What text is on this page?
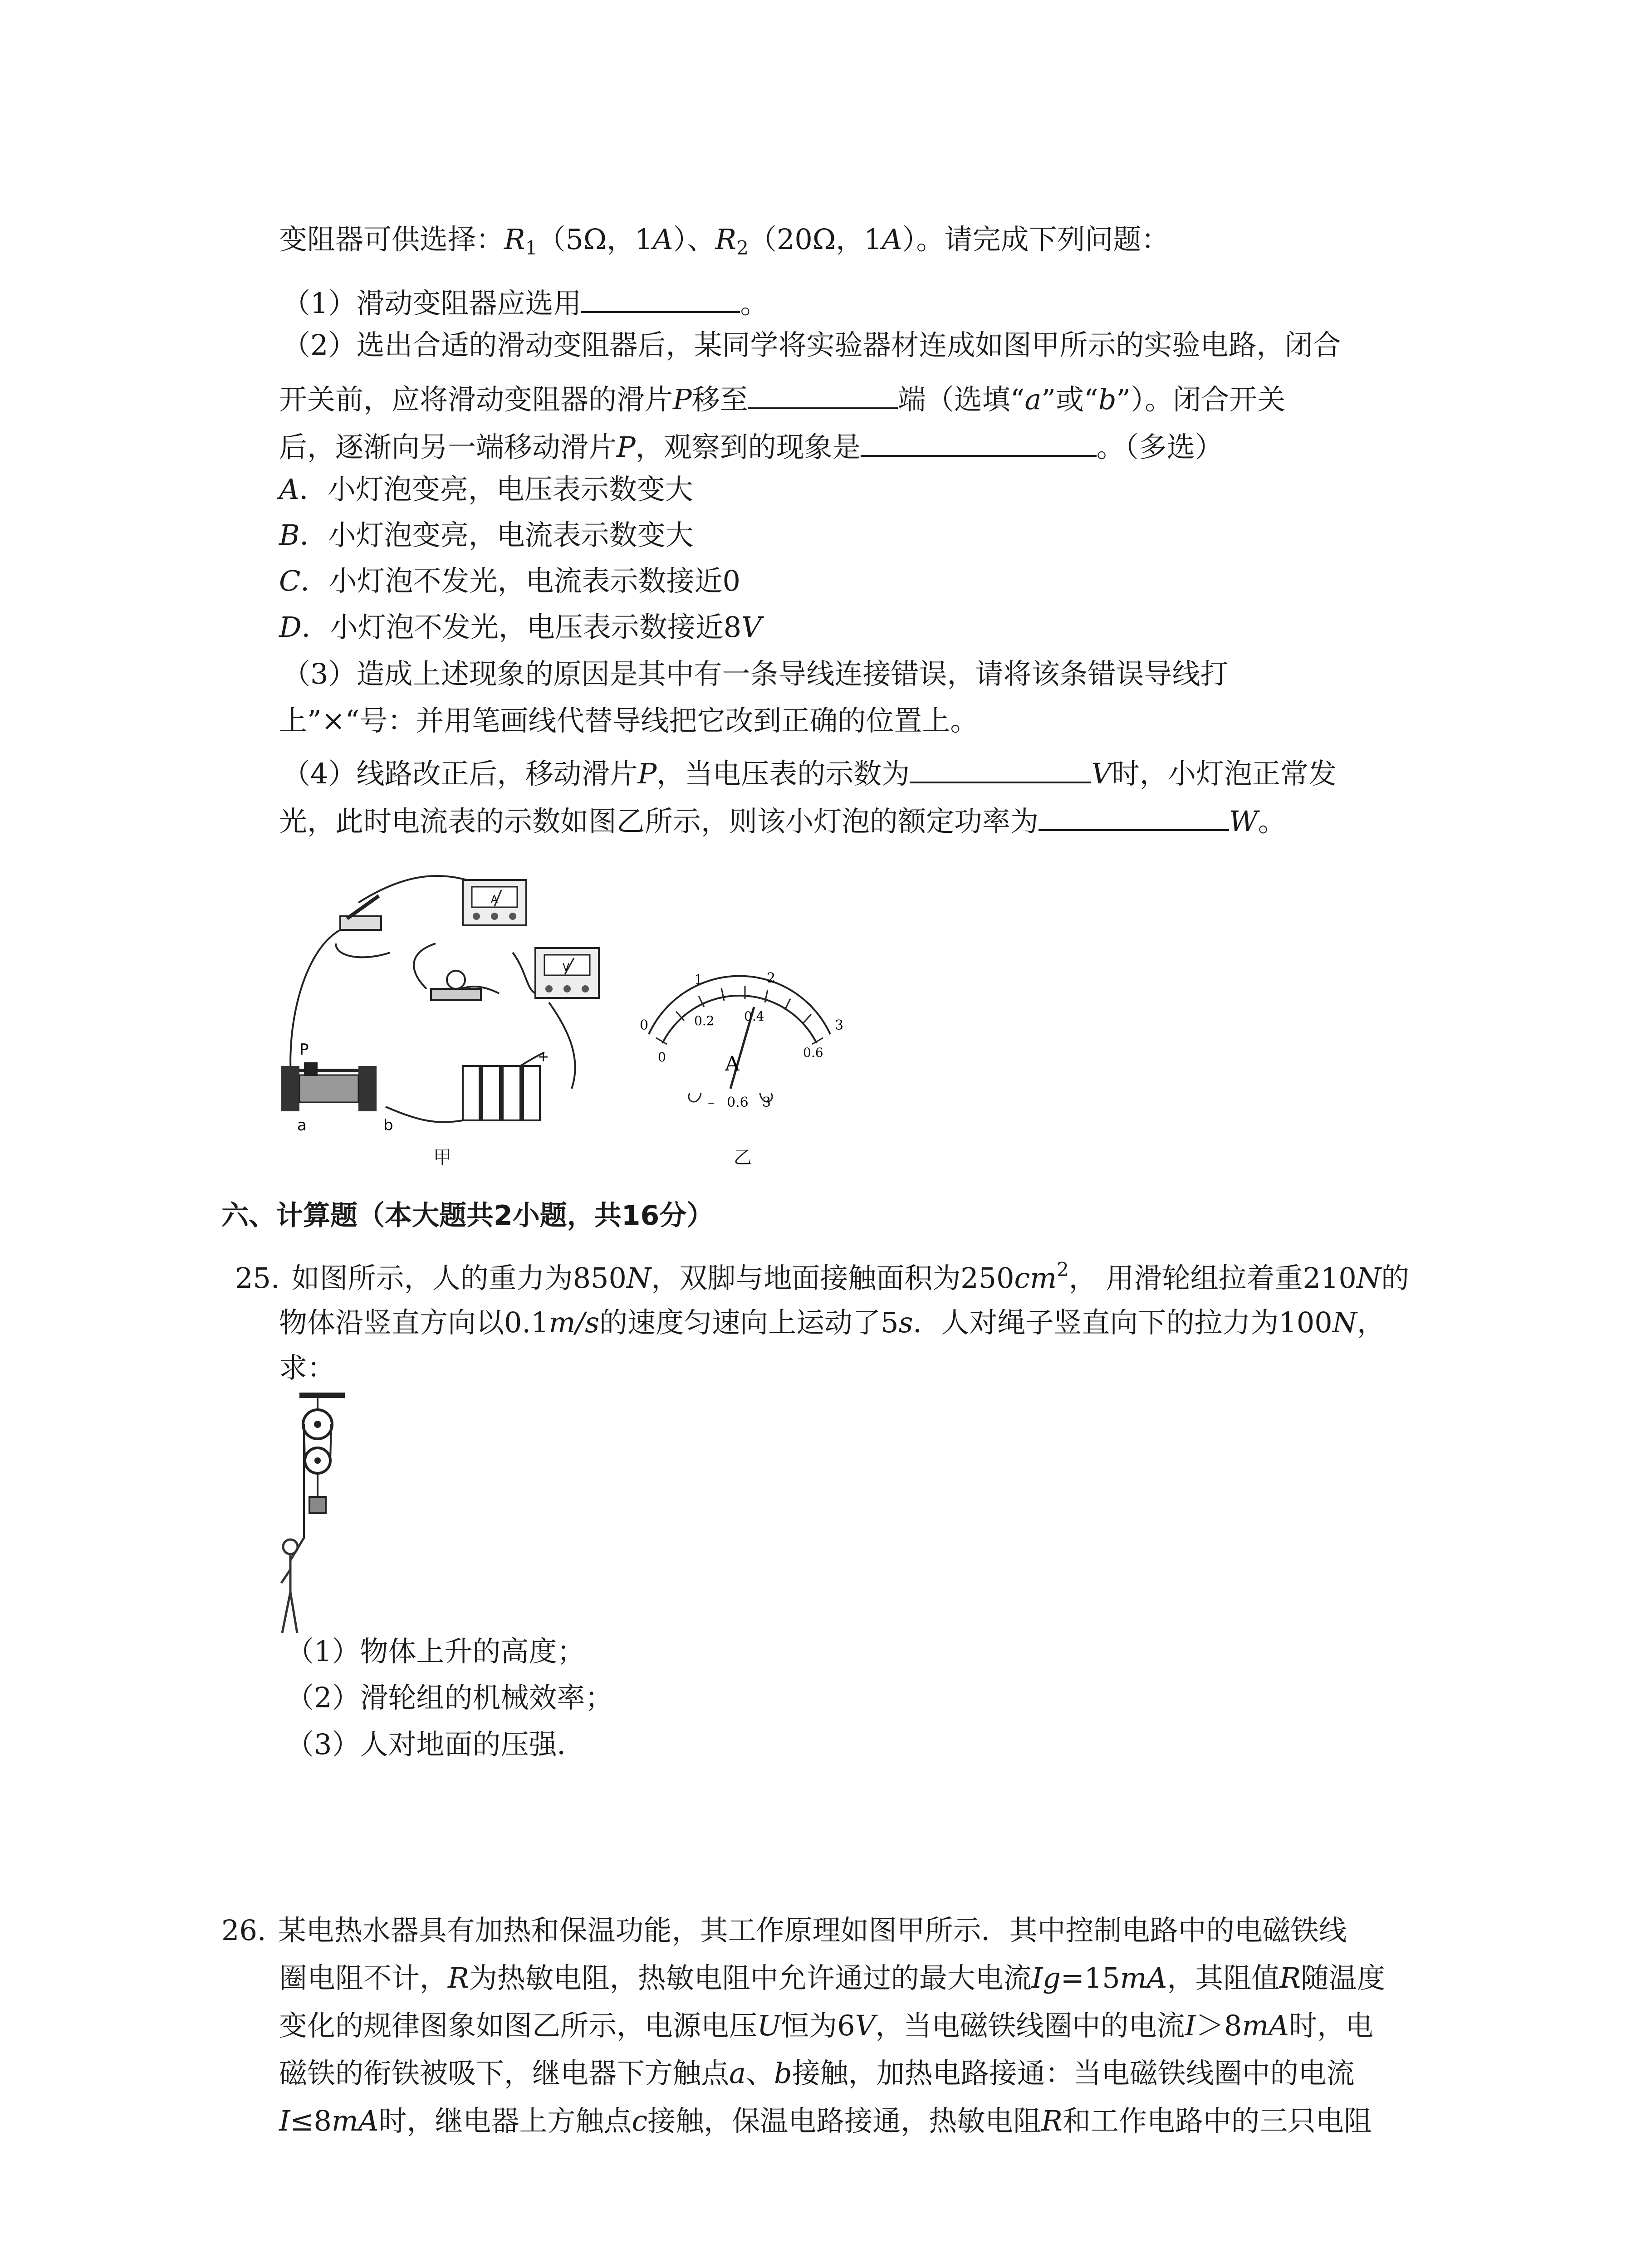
变阻器可供选择：$R_1(5\Omega$，1A）、$R_2(20\Omega$，1A）。请完成下列问题：
（1）滑动变阻器应选用	。
（2）选出合适的滑动变阻器后，某同学将实验器材连成如图甲所示的实验电路，闭合
开关前，应将滑动变阻器的滑片P移至	端（选填“a”或“b”）。闭合开关
后，逐渐向另一端移动滑片P，观察到的现象是	。（多选）
A．小灯泡变亮，电压表示数变大
B．小灯泡变亮，电流表示数变大
C．小灯泡不发光，电流表示数接近0
D．小灯泡不发光，电压表示数接近8V
（3）造成上述现象的原因是其中有一条导线连接错误，请将该条错误导线打
上”×“号：并用笔画线代替导线把它改到正确的位置上。
（4）线路改正后，移动滑片P，当电压表的示数为	V时，小灯泡正常发
光，此时电流表的示数如图乙所示，则该小灯泡的额定功率为	W。
A
V
P
a	b
+
甲
0
1	2
3
0
0.2 0.4
0.6
A
– 0.6 3
乙
六、计算题（本大题共2小题，共16分）
25. 如图所示，人的重力为850N，双脚与地面接触面积为$250cm^2$， 用滑轮组拉着重210N的
物体沿竖直方向以0.1m/s的速度匀速向上运动了5s．人对绳子竖直向下的拉力为100N，
求：
（1）物体上升的高度；
（2）滑轮组的机械效率；
（3）人对地面的压强．
26. 某电热水器具有加热和保温功能，其工作原理如图甲所示．其中控制电路中的电磁铁线
圈电阻不计，R为热敏电阻，热敏电阻中允许通过的最大电流Ig=15mA，其阻值R随温度
变化的规律图象如图乙所示，电源电压U恒为6V，当电磁铁线圈中的电流I＞8mA时，电
磁铁的衔铁被吸下，继电器下方触点a、b接触，加热电路接通：当电磁铁线圈中的电流
I≤8mA时，继电器上方触点c接触，保温电路接通，热敏电阻R和工作电路中的三只电阻
